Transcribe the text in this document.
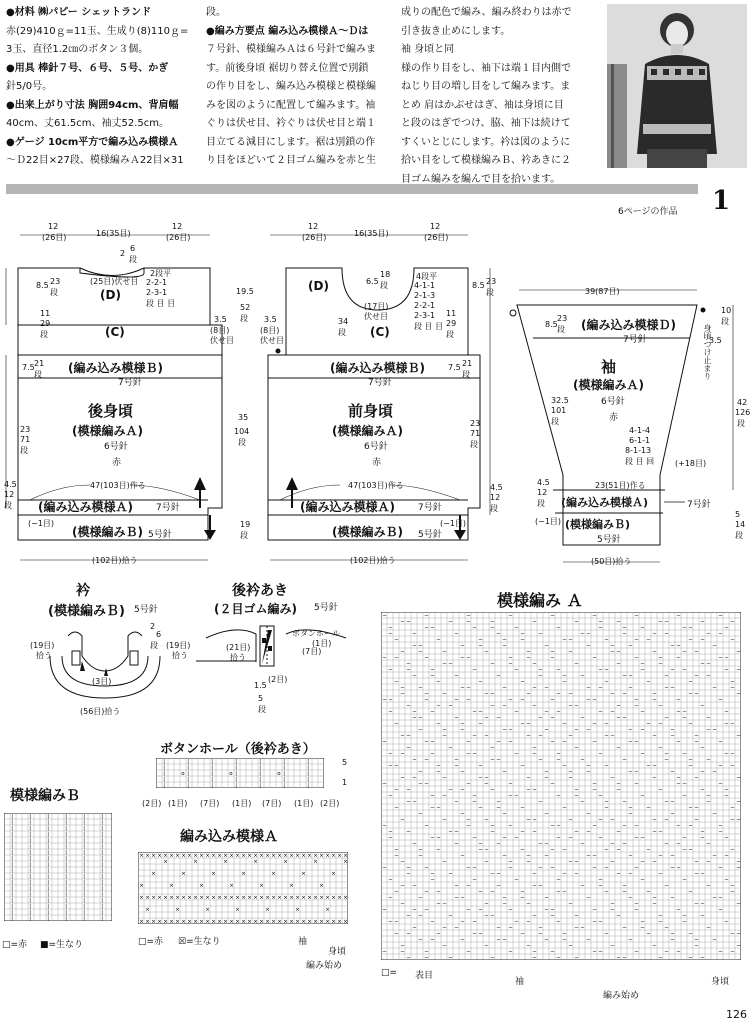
●材料 ㈱パピー シェットランド
赤(29)410ｇ=11玉、生成り(8)110ｇ=
3玉、直径1.2㎝のボタン３個。
●用具 棒針７号、６号、５号、かぎ
針5/0号。
●出来上がり寸法 胸囲94cm、背肩幅
40cm、丈61.5cm、袖丈52.5cm。
●ゲージ 10cm平方で編み込み模様Ａ
〜Ｄ22目×27段、模様編みＡ22目×31
段。
●編み方要点 編み込み模様Ａ〜Ｄは
７号針、模様編みＡは６号針で編みま
す。前後身頃 裾切り替え位置で別鎖
の作り目をし、編み込み模様と模様編
みを図のように配置して編みます。袖
ぐりは伏せ目、衿ぐりは伏せ目と端１
目立てる減目にします。裾は別鎖の作
り目をほどいて２目ゴム編みを赤と生
成りの配色で編み、編み終わりは赤で
引き抜き止めにします。
袖 身頃と同
様の作り目をし、袖下は端１目内側で
ねじり目の増し目をして編みます。ま
とめ 肩はかぶせはぎ、袖は身頃に目
と段のはぎでつけ、脇、袖下は続けて
すくいとじにします。衿は図のように
拾い目をして模様編みＢ、衿あきに２
目ゴム編みを編んで目を拾います。
6ページの作品 1
12
(26目)	16(35目)
12
(26目)
2
6
段
(25目)伏せ目
2段平
2-2-1
2-3-1
段 目 目
(D)
(C)
(編み込み模様Ｂ)
7号針
後身頃
(模様編みＡ)
6号針
赤
47(103目)作る
(編み込み模様Ａ)	7号針
(−1目)
(模様編みＢ) 5号針
(102目)拾う
8.5 23
段
11
29
段
3.5
(8目)
伏せ目
7.5 21
段
23
71
段
4.5
12
段
12
(26目)	16(35目)
12
(26目)
6.5
18
段
4段平
4-1-1
2-1-3
2-2-1
2-3-1
段 目 目
(17目)
伏せ目
34
段
(D)
(C)
(編み込み模様Ｂ)
7号針
前身頃
(模様編みＡ)
6号針
赤
47(103目)作る
(編み込み模様Ａ)	7号針
(−1目)
(模様編みＢ) 5号針
(102目)拾う
8.5 23
段
11
29
段
3.5
(8目)
伏せ目
7.5 21
段
23
71
段
4.5
12
段
19.5
52
段
35
104
段
19
段
39(87目)
8.5
23
段 (編み込み模様Ｄ)
7号針
袖
(模様編みＡ)
6号針
赤
32.5
101
段
4-1-4
6-1-1
8-1-13
段 目 回	(+18目)
23(51目)作る
4.5
12
段 (編み込み模様Ａ)	7号針
(−1目) (模様編みＢ)
5号針
(50目)拾う
3.5
10
段
42
126
段
身頃つけ止まり
5
14
段
衿
(模様編みＢ) 5号針
2
6
段
(19目)
拾う
(19目)
拾う
(3目)
(56目)拾う
後衿あき
(２目ゴム編み) 5号針
ボタンホール
(1目)
(21目)
拾う
(7目)
(2目)
1.5
5
段
ボタンホール（後衿あき）
|	|	|	|	|	|	|
|	|	|	|	|	|	|
|	o |	|	o |	|	o |	|
|	|	|	|	|	|	|
|	|	|	|	|	|	|
5
1
(2目) (1目) (7目) (1目) (7目) (1目) (2目)
模様編みＢ
|	|	|	|	|	|
|	|	|	|	|	|
|	|	|	|	|	|
|	|	|	|	|	|
|	|	|	|	|	|
|	|	|	|	|	|
|	|	|	|	|	|
|	|	|	|	|	|
|	|	|	|	|	|
|	|	|	|	|	|
|	|	|	|	|	|
|	|	|	|	|	|
|	|	|	|	|	|
|	|	|	|	|	|
|	|	|	|	|	|
|	|	|	|	|	|
|	|	|	|	|	|
|	|	|	|	|	|
□=赤 ■=生なり
編み込み模様Ａ
× × × × × × × × × × × × × × × × × × × × × × × × × × × × × × × × × × ×
×	×	×	×	×	×	×
×	×	×	×	×	×	×
×	×	×	×	×	×	×
× × × × × × × × × × × × × × × × × × × × × × × × × × × × × × × × × × ×
×	×	×	×	×	×	×
× × × × × × × × × × × × × × × × × × × × × × × × × × × × × × × × × × ×
□=赤 ☒=生なり	袖
身頃
編み始め
模様編み Ａ
−	−	−	−	−	−	−	−	−
− −	− −	−	−	−	− −	− −	−	−
−	− −	− −	−	−	−	− −	− −	−
−	−	−	−	− −	− −	−	− −	− −
−	−	−	− −	− −	−	− −	− −	−
− −	− −	−	−	−	− −	− −	−
− −	−	−	−	− −	− −	−	− −	−
− −	−	− −	− −	−	−	−	− −	− −
−	− −	− −	−	−	−	− −	− −
− −	−	−	−	− −	− −	−	− −	− −
− −	−	−	−	− −	− −	−	− −
−	−	−	−	−	−	−	−	−
− −	− −	−	− −	− −	−	− −	− −
−	− −	− −	−	− −	− −	−	− −	−
− −	−	− −	− −	−	− −	− −	−	−
−	− −	− −	−	− −	− −	−	−
−	− −	− −	−	− −	− −	−	− −	−
− −	−	− −	− −	−	− −	− −	−
−	−	− −	− −	−	− −	− −	−	− −
−	− −	− −	−	− −	− −	−	− −
− −	−	− −	− −	−	− −	− −	−	−
−	− −	−	− −	− −	−	− −	− −	−
−	−	−	−	−	−	−	−
− −	−	− −	− −	−	−	−	− −	− −
− −	−	− −	− −	−	−	−	− −
− −	− −	−	−	−	− −	− −	−	− −
− −	−	−	−	− −	− −	−	− −
− −	−	− −	− −	−	−	−	− −	−
−	− −	− −	−	−	−	− −	− −	−
− −	− −	−	− −	− −	−	−	−	−
−	− −	−	− −	− −	−	−	−	− −
− −	− −	−	−	−	− −	− −	−	−
−	− −	− −	−	−	−	− −	− −	−
−	−	−	−	−	−	−	−
−	−	− −	− −	−	− −	− −	−	− −
−	−	−	− −	− −	−	− −	− −	−
− −	− −	−	− −	− −	−	− −	− −
−	− −	−	− −	− −	−	− −	− −	−
−	−	− −	− −	−	− −	− −	−
−	− −	− −	−	− −	− −	−	− −	−
−	−	−	−	− −	− −	−	− −	− −
−	−	−	− −	− −	−	− −	− −	−
−	− −	− −	−	− −	− −	−	− −	− −
−	− −	− −	−	− −	− −	−	− −
−	−	−	−	−	−	−	−	−
− −	− −	−	− −	− −	−	−	−	−
−	− −	− −	−	− −	− −	−	−	−
−	−	− −	− −	−	−	−	− −	− −
−	− −	− −	−	−	−	− −	− −	−
−	− −	− −	−	− −	− −	−	−	−
− −	−	− −	− −	−	−	−	− −
− −	−	− −	− −	−	− −	− −	−	−
−	− −	− −	−	− −	− −	−	−
− −	−	− −	− −	−	−	−	− −	− −
− −	−	− −	− −	−	−	−	− −
−	−	−	−	−	−	−	−	−
− −	−	−	−	− −	− −	−	− −	− −
− −	−	−	−	− −	− −	−	− −
□= 表目
袖	身頃
編み始め
126
